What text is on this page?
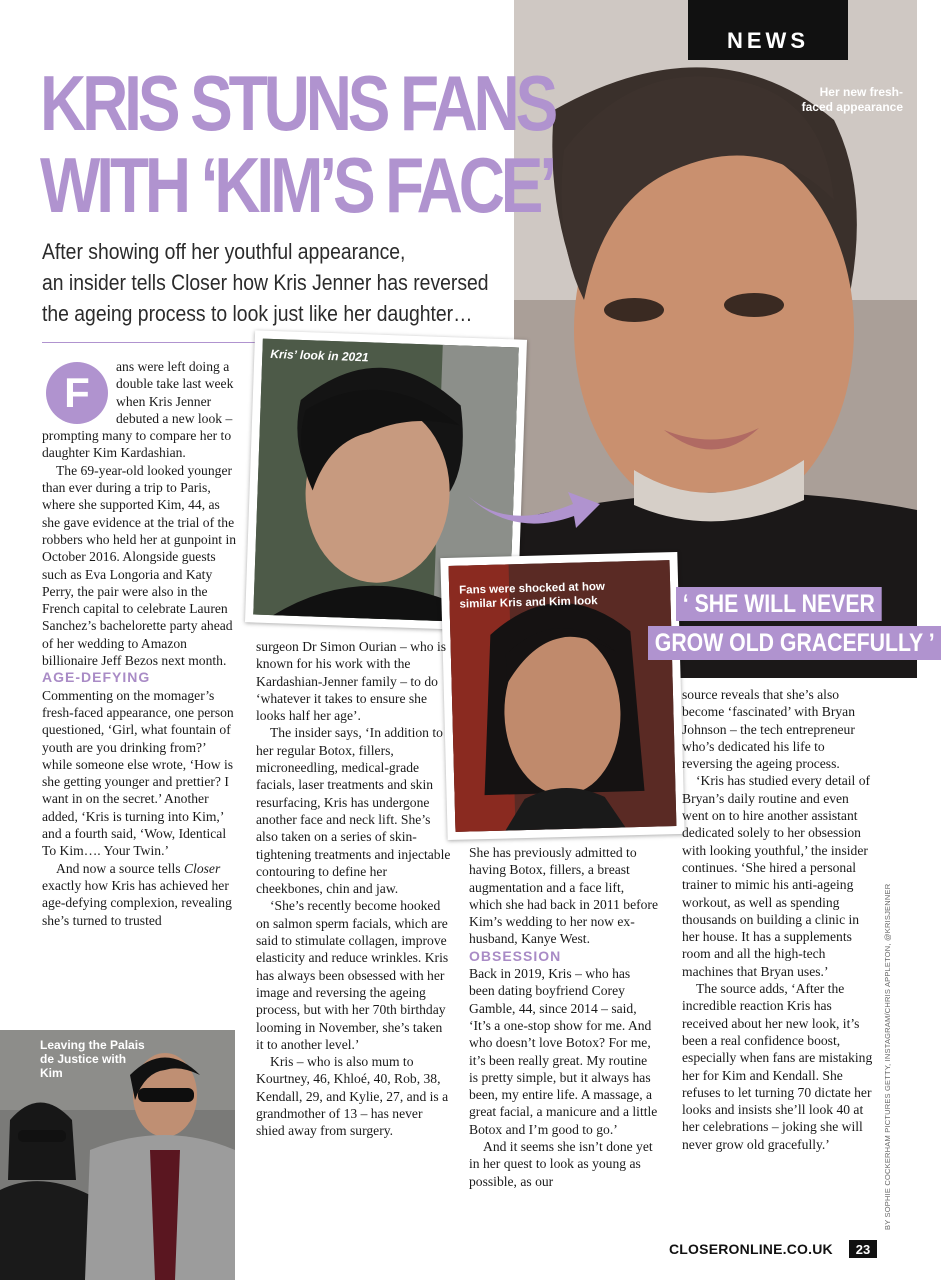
NEWS
Her new fresh-faced appearance
KRIS STUNS FANS
WITH ‘KIM’S FACE’
After showing off her youthful appearance,
an insider tells Closer how Kris Jenner has reversed
the ageing process to look just like her daughter…
Kris’ look in 2021
Fans were shocked at how similar Kris and Kim look	‘ SHE WILL NEVER
GROW OLD GRACEFULLY ’
F

ans were left doing a double take last week when Kris Jenner debuted a new look – prompting many to compare her to daughter Kim Kardashian.

The 69-year-old looked younger than ever during a trip to Paris, where she supported Kim, 44, as she gave evidence at the trial of the robbers who held her at gunpoint in October 2016. Alongside guests such as Eva Longoria and Katy Perry, the pair were also in the French capital to celebrate Lauren Sanchez’s bachelorette party ahead of her wedding to Amazon billionaire Jeff Bezos next month.

AGE-DEFYING

Commenting on the momager’s fresh-faced appearance, one person questioned, ‘Girl, what fountain of youth are you drinking from?’ while someone else wrote, ‘How is she getting younger and prettier? I want in on the secret.’ Another added, ‘Kris is turning into Kim,’ and a fourth said, ‘Wow, Identical To Kim…. Your Twin.’

And now a source tells Closer exactly how Kris has achieved her age-defying complexion, revealing she’s turned to trusted

Leaving the Palais de Justice with Kim

surgeon Dr Simon Ourian – who is known for his work with the Kardashian-Jenner family – to do ‘whatever it takes to ensure she looks half her age’.

The insider says, ‘In addition to her regular Botox, fillers, microneedling, medical-grade facials, laser treatments and skin resurfacing, Kris has undergone another face and neck lift. She’s also taken on a series of skin-tightening treatments and injectable contouring to define her cheekbones, chin and jaw.

‘She’s recently become hooked on salmon sperm facials, which are said to stimulate collagen, improve elasticity and reduce wrinkles. Kris has always been obsessed with her image and reversing the ageing process, but with her 70th birthday looming in November, she’s taken it to another level.’

Kris – who is also mum to Kourtney, 46, Khloé, 40, Rob, 38, Kendall, 29, and Kylie, 27, and is a grandmother of 13 – has never shied away from surgery.

She has previously admitted to having Botox, fillers, a breast augmentation and a face lift, which she had back in 2011 before Kim’s wedding to her now ex-husband, Kanye West.

OBSESSION

Back in 2019, Kris – who has been dating boyfriend Corey Gamble, 44, since 2014 – said, ‘It’s a one-stop show for me. And who doesn’t love Botox? For me, it’s been really great. My routine is pretty simple, but it always has been, my entire life. A massage, a great facial, a manicure and a little Botox and I’m good to go.’

And it seems she isn’t done yet in her quest to look as young as possible, as our

source reveals that she’s also become ‘fascinated’ with Bryan Johnson – the tech entrepreneur who’s dedicated his life to reversing the ageing process.

‘Kris has studied every detail of Bryan’s daily routine and even went on to hire another assistant dedicated solely to her obsession with looking youthful,’ the insider continues. ‘She hired a personal trainer to mimic his anti-ageing workout, as well as spending thousands on building a clinic in her house. It has a supplements room and all the high-tech machines that Bryan uses.’

The source adds, ‘After the incredible reaction Kris has received about her new look, it’s been a real confidence boost, especially when fans are mistaking her for Kim and Kendall. She refuses to let turning 70 dictate her looks and insists she’ll look 40 at her celebrations – joking she will never grow old gracefully.’	BY SOPHIE COCKERHAM PICTURES GETTY, INSTAGRAM/CHRIS APPLETON, @KRISJENNER
CLOSERONLINE.CO.UK	23
